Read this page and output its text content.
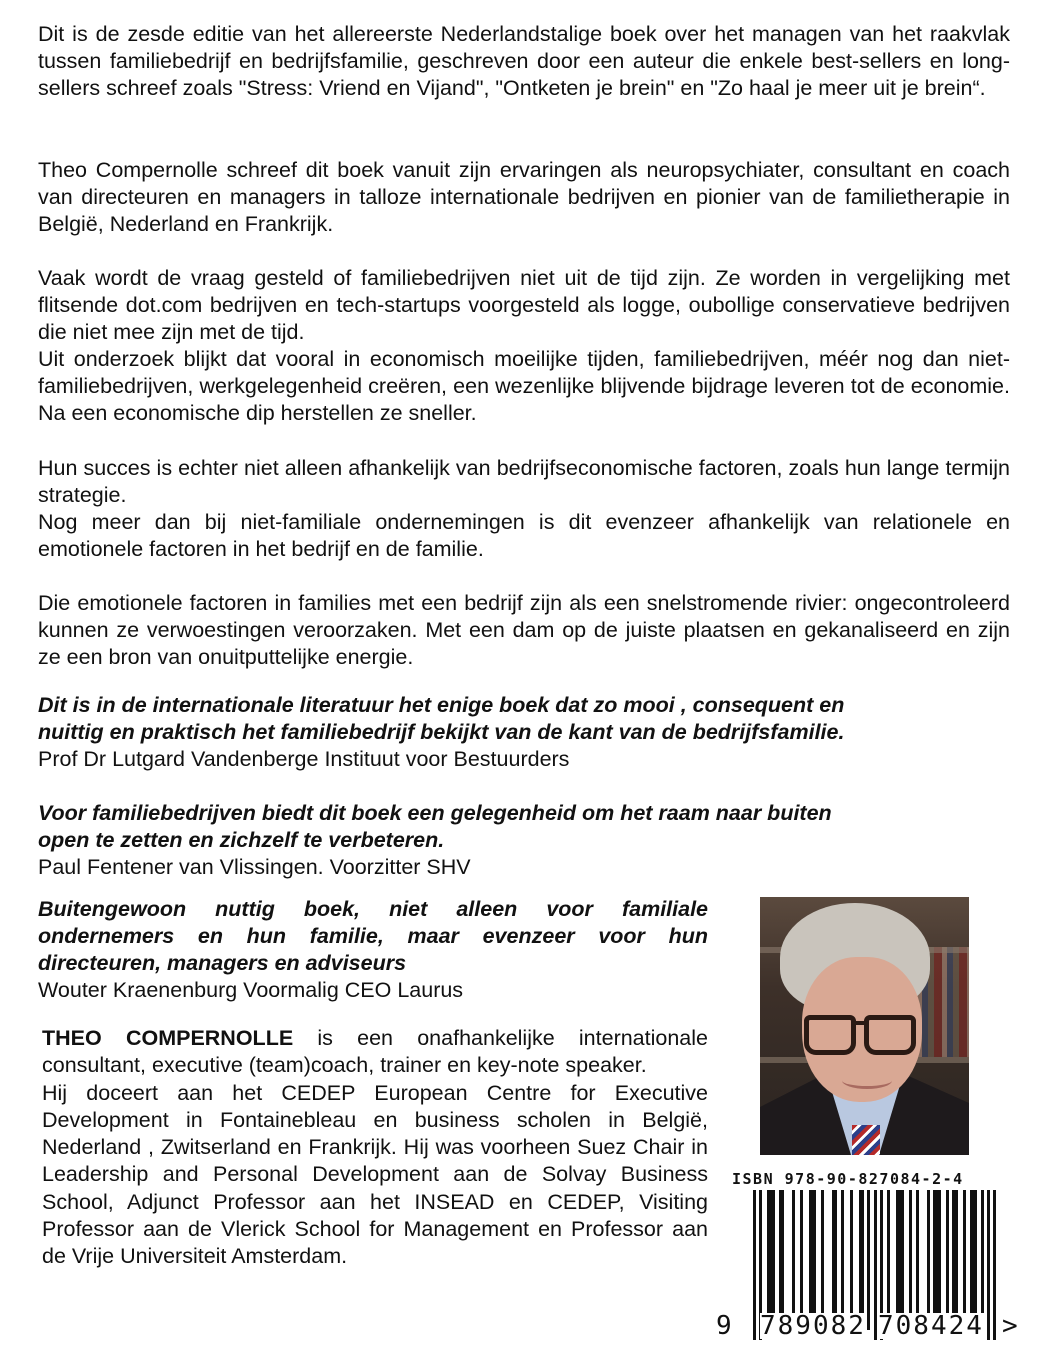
Dit is de zesde editie van het allereerste Nederlandstalige boek over het managen van het raakvlak tussen familiebedrijf en bedrijfsfamilie, geschreven door een auteur die enkele best-sellers en long-sellers schreef zoals "Stress: Vriend en Vijand", "Ontketen je brein" en "Zo haal je meer uit je brein“.

Theo Compernolle schreef dit boek vanuit zijn ervaringen als neuropsychiater, consultant en coach van directeuren en managers in talloze internationale bedrijven en pionier van de familietherapie in België, Nederland en Frankrijk.

Vaak wordt de vraag gesteld of familiebedrijven niet uit de tijd zijn. Ze worden in vergelijking met flitsende dot.com bedrijven en tech-startups voorgesteld als logge, oubollige conservatieve bedrijven die niet mee zijn met de tijd.

Uit onderzoek blijkt dat vooral in economisch moeilijke tijden, familiebedrijven, méér nog dan niet-familiebedrijven, werkgelegenheid creëren, een wezenlijke blijvende bijdrage leveren tot de economie. Na een economische dip herstellen ze sneller.

Hun succes is echter niet alleen afhankelijk van bedrijfseconomische factoren, zoals hun lange termijn strategie.

Nog meer dan bij niet-familiale ondernemingen is dit evenzeer afhankelijk van relationele en emotionele factoren in het bedrijf en de familie.

Die emotionele factoren in families met een bedrijf zijn als een snelstromende rivier: ongecontroleerd kunnen ze verwoestingen veroorzaken. Met een dam op de juiste plaatsen en gekanaliseerd en zijn ze een bron van onuitputtelijke energie.

Dit is in de internationale literatuur het enige boek dat zo mooi , consequent en

nuittig en praktisch het familiebedrijf bekijkt van de kant van de bedrijfsfamilie.

Prof Dr Lutgard Vandenberge Instituut voor Bestuurders

Voor familiebedrijven biedt dit boek een gelegenheid om het raam naar buiten

open te zetten en zichzelf te verbeteren.

Paul Fentener van Vlissingen. Voorzitter SHV

Buitengewoon nuttig boek, niet alleen voor familiale ondernemers en hun familie, maar evenzeer voor hun directeuren, managers en adviseurs

Wouter Kraenenburg Voormalig CEO Laurus

THEO COMPERNOLLE is een onafhankelijke internationale consultant, executive (team)coach, trainer en key-note speaker.

Hij doceert aan het CEDEP European Centre for Executive Development in Fontainebleau en business scholen in België, Nederland , Zwitserland en Frankrijk. Hij was voorheen Suez Chair in Leadership and Personal Development aan de Solvay Business School, Adjunct Professor aan het INSEAD en CEDEP, Visiting Professor aan de Vlerick School for Management en Professor aan de Vrije Universiteit Amsterdam.

ISBN 978-90-827084-2-4
9 789082 708424 >
